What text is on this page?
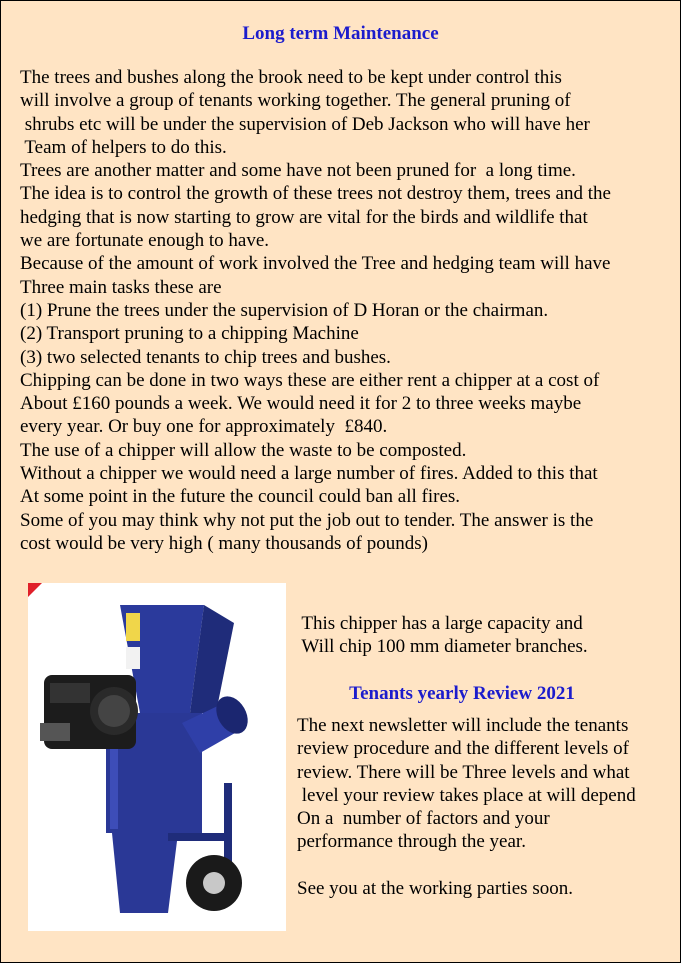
Long term Maintenance
The trees and bushes along the brook need to be kept under control this
will involve a group of tenants working together. The general pruning of
shrubs etc will be under the supervision of Deb Jackson who will have her
Team of helpers to do this.
Trees are another matter and some have not been pruned for  a long time.
The idea is to control the growth of these trees not destroy them, trees and the
hedging that is now starting to grow are vital for the birds and wildlife that
we are fortunate enough to have.
Because of the amount of work involved the Tree and hedging team will have
Three main tasks these are
(1) Prune the trees under the supervision of D Horan or the chairman.
(2) Transport pruning to a chipping Machine
(3) two selected tenants to chip trees and bushes.
Chipping can be done in two ways these are either rent a chipper at a cost of
About £160 pounds a week. We would need it for 2 to three weeks maybe
every year. Or buy one for approximately  £840.
The use of a chipper will allow the waste to be composted.
Without a chipper we would need a large number of fires. Added to this that
At some point in the future the council could ban all fires.
Some of you may think why not put the job out to tender. The answer is the
cost would be very high ( many thousands of pounds)
This chipper has a large capacity and
Will chip 100 mm diameter branches.
Tenants yearly Review 2021
The next newsletter will include the tenants
review procedure and the different levels of
review. There will be Three levels and what
level your review takes place at will depend
On a  number of factors and your
performance through the year.
See you at the working parties soon.
